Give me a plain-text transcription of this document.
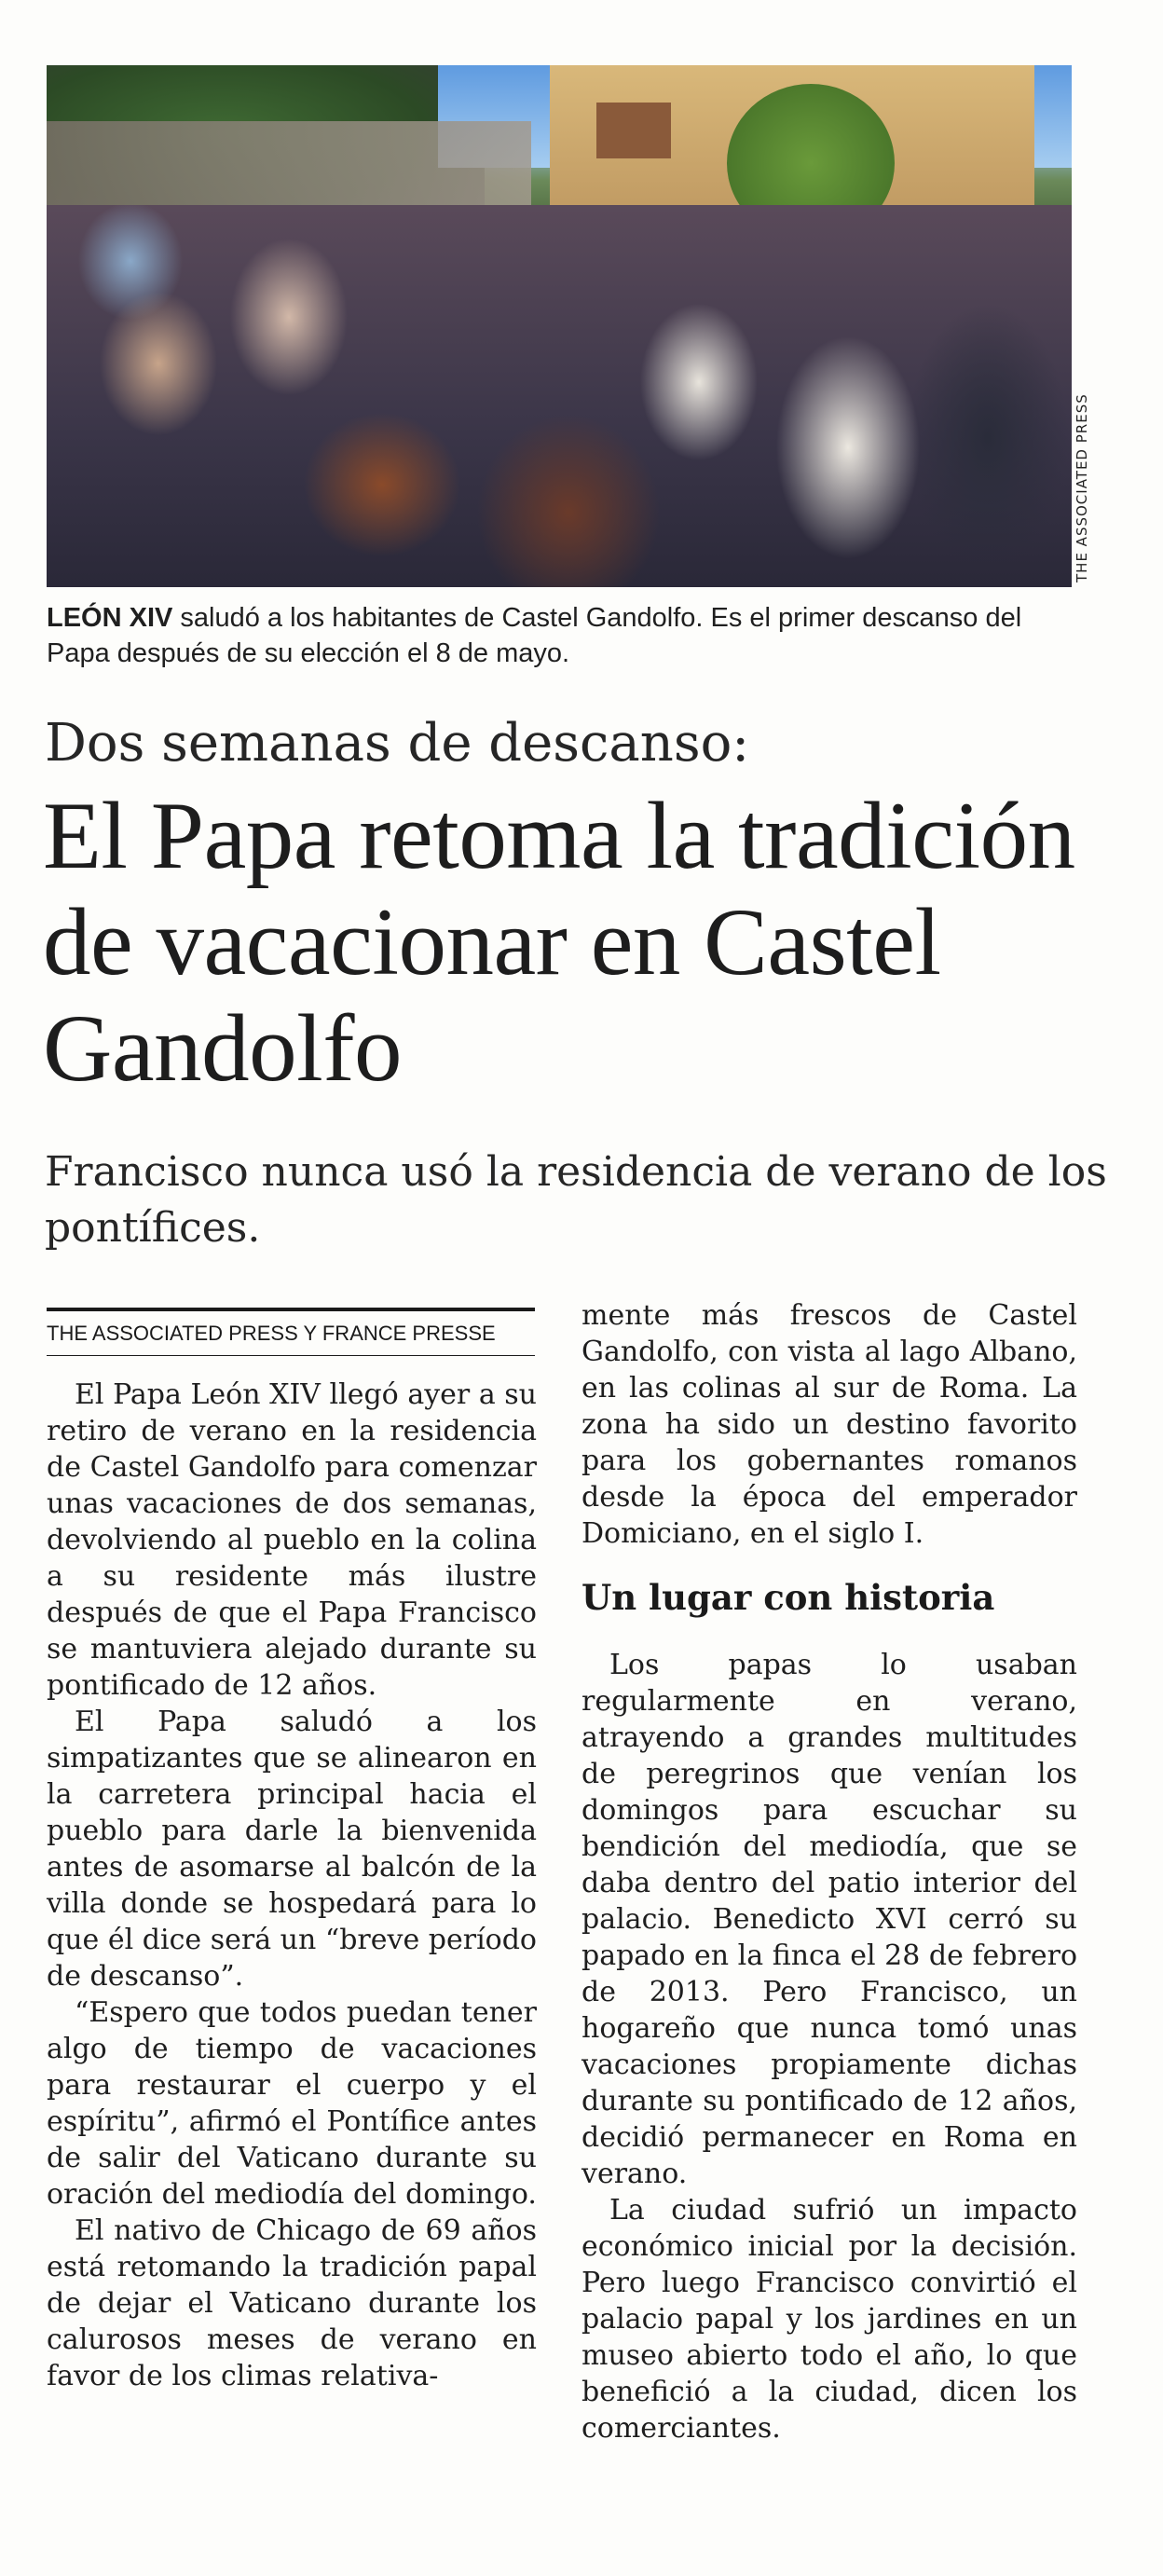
THE ASSOCIATED PRESS
LEÓN XIV saludó a los habitantes de Castel Gandolfo. Es el primer descanso del Papa después de su elección el 8 de mayo.
Dos semanas de descanso:
El Papa retoma la tradición de vacacionar en Castel Gandolfo
Francisco nunca usó la residencia de verano de los pontífices.
THE ASSOCIATED PRESS Y FRANCE PRESSE

El Papa León XIV llegó ayer a su retiro de verano en la residencia de Castel Gandolfo para comenzar unas vacaciones de dos semanas, devolviendo al pueblo en la colina a su residente más ilustre después de que el Papa Francisco se mantuviera alejado durante su pontificado de 12 años.

El Papa saludó a los simpatizantes que se alinearon en la carretera principal hacia el pueblo para darle la bienvenida antes de asomarse al balcón de la villa donde se hospedará para lo que él dice será un “breve período de descanso”.

“Espero que todos puedan tener algo de tiempo de vacaciones para restaurar el cuerpo y el espíritu”, afirmó el Pontífice antes de salir del Vaticano durante su oración del mediodía del domingo.

El nativo de Chicago de 69 años está retomando la tradición papal de dejar el Vaticano durante los calurosos meses de verano en favor de los climas relativa-

mente más frescos de Castel Gandolfo, con vista al lago Albano, en las colinas al sur de Roma. La zona ha sido un destino favorito para los gobernantes romanos desde la época del emperador Domiciano, en el siglo I.

Un lugar con historia

Los papas lo usaban regularmente en verano, atrayendo a grandes multitudes de peregrinos que venían los domingos para escuchar su bendición del mediodía, que se daba dentro del patio interior del palacio. Benedicto XVI cerró su papado en la finca el 28 de febrero de 2013. Pero Francisco, un hogareño que nunca tomó unas vacaciones propiamente dichas durante su pontificado de 12 años, decidió permanecer en Roma en verano.

La ciudad sufrió un impacto económico inicial por la decisión. Pero luego Francisco convirtió el palacio papal y los jardines en un museo abierto todo el año, lo que benefició a la ciudad, dicen los comerciantes.
